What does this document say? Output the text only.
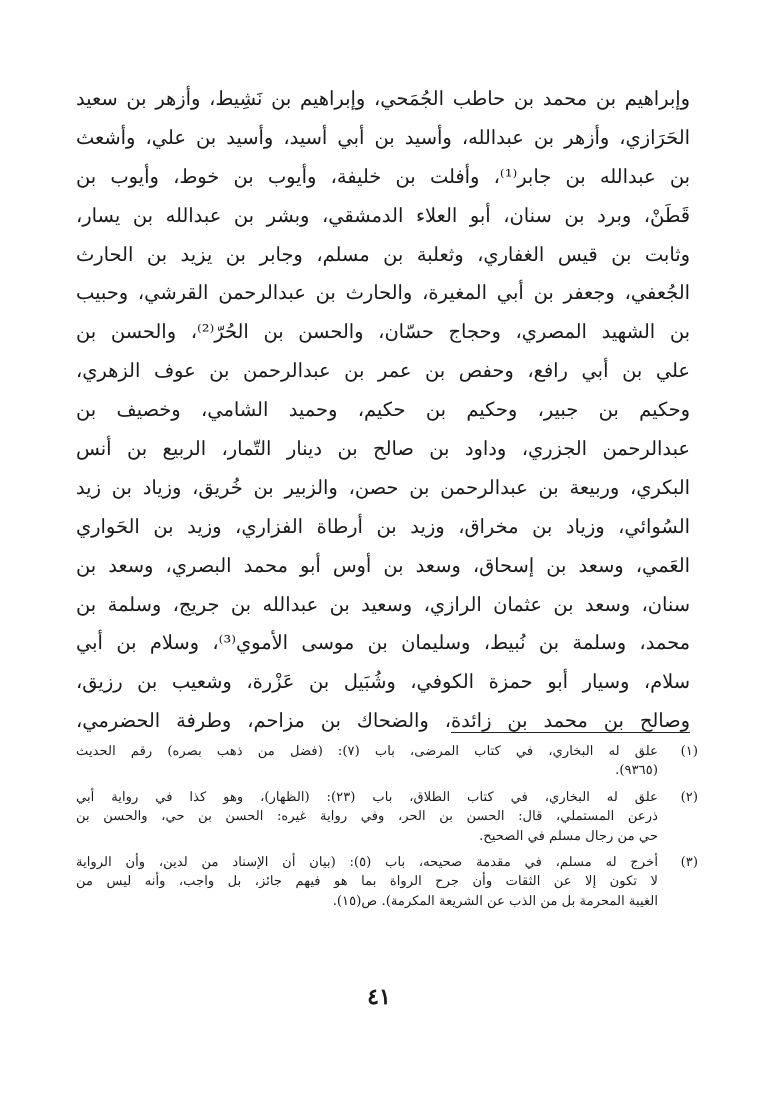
وإبراهيم بن محمد بن حاطب الجُمَحي، وإبراهيم بن نَشِيط، وأزهر بن سعيد
الحَرَازي، وأزهر بن عبدالله، وأسيد بن أبي أسيد، وأسيد بن علي، وأشعث
بن عبدالله بن جابر⁽¹⁾، وأفلت بن خليفة، وأيوب بن خوط، وأيوب بن
قَطَنْ، وبرد بن سنان، أبو العلاء الدمشقي، وبشر بن عبدالله بن يسار،
وثابت بن قيس الغفاري، وثعلبة بن مسلم، وجابر بن يزيد بن الحارث
الجُعفي، وجعفر بن أبي المغيرة، والحارث بن عبدالرحمن القرشي، وحبيب
بن الشهيد المصري، وحجاج حسّان، والحسن بن الحُرّ⁽²⁾، والحسن بن
علي بن أبي رافع، وحفص بن عمر بن عبدالرحمن بن عوف الزهري،
وحكيم بن جبير، وحكيم بن حكيم، وحميد الشامي، وخصيف بن
عبدالرحمن الجزري، وداود بن صالح بن دينار التّمار، الربيع بن أنس
البكري، وربيعة بن عبدالرحمن بن حصن، والزبير بن خُريق، وزياد بن زيد
السُوائي، وزياد بن مخراق، وزيد بن أرطاة الفزاري، وزيد بن الحَواري
العَمي، وسعد بن إسحاق، وسعد بن أوس أبو محمد البصري، وسعد بن
سنان، وسعد بن عثمان الرازي، وسعيد بن عبدالله بن جريج، وسلمة بن
محمد، وسلمة بن نُبيط، وسليمان بن موسى الأموي⁽³⁾، وسلام بن أبي
سلام، وسيار أبو حمزة الكوفي، وشُبَيل بن عَزْرة، وشعيب بن رزيق،
وصالح بن محمد بن زائدة، والضحاك بن مزاحم، وطرفة الحضرمي،
(١)
علق له البخاري، في كتاب المرضى، باب (٧): (فضل من ذهب بصره) رقم الحديث
(٩٣٦٥).
(٢)
علق له البخاري، في كتاب الطلاق، باب (٢٣): (الظهار)، وهو كذا في رواية أبي
ذرعن المستملي، قال: الحسن بن الحر، وفي رواية غيره: الحسن بن حي، والحسن بن
حي من رجال مسلم في الصحيح.
(٣)
أخرج له مسلم، في مقدمة صحيحه، باب (٥): (بيان أن الإسناد من لدين، وأن الرواية
لا تكون إلا عن الثقات وأن جرح الرواة بما هو فيهم جائز، بل واجب، وأنه ليس من
الغيبة المحرمة بل من الذب عن الشريعة المكرمة). ص(١٥).
٤١
